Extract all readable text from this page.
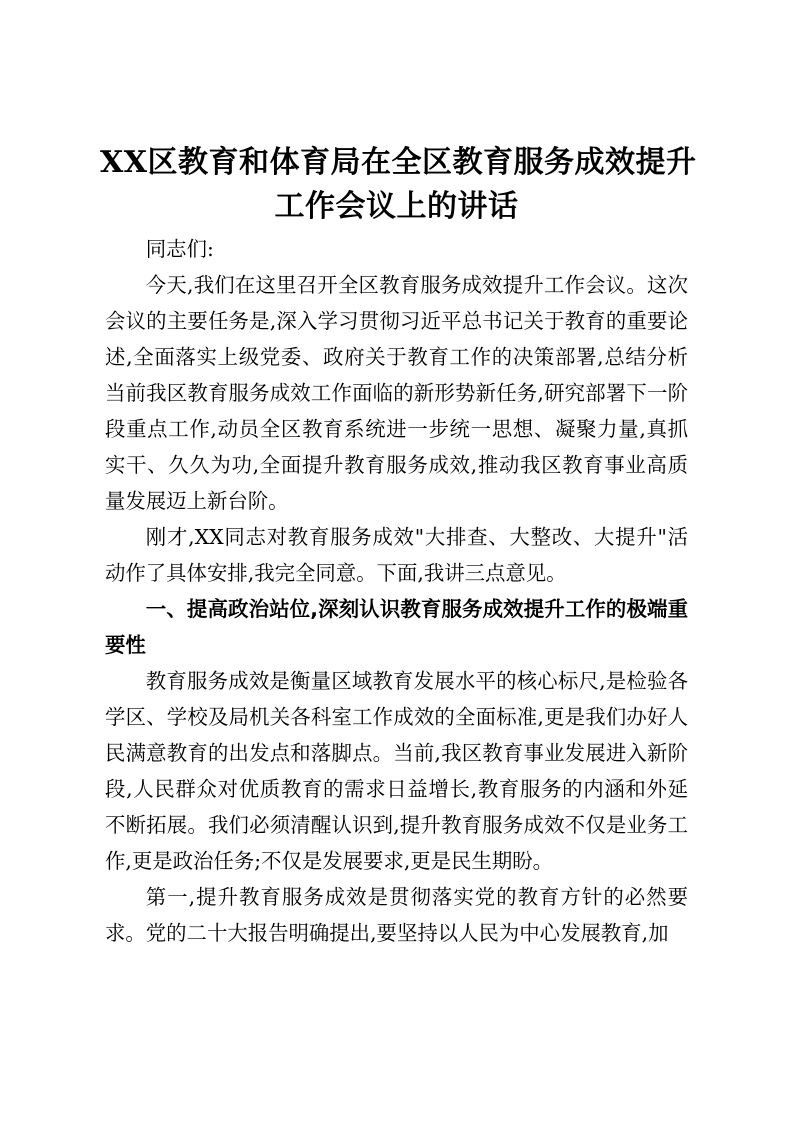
XX区教育和体育局在全区教育服务成效提升
工作会议上的讲话

同志们:

今天,我们在这里召开全区教育服务成效提升工作会议。这次会议的主要任务是,深入学习贯彻习近平总书记关于教育的重要论述,全面落实上级党委、政府关于教育工作的决策部署,总结分析当前我区教育服务成效工作面临的新形势新任务,研究部署下一阶段重点工作,动员全区教育系统进一步统一思想、凝聚力量,真抓实干、久久为功,全面提升教育服务成效,推动我区教育事业高质量发展迈上新台阶。

刚才,XX同志对教育服务成效"大排查、大整改、大提升"活动作了具体安排,我完全同意。下面,我讲三点意见。

一、提高政治站位,深刻认识教育服务成效提升工作的极端重要性

教育服务成效是衡量区域教育发展水平的核心标尺,是检验各学区、学校及局机关各科室工作成效的全面标准,更是我们办好人民满意教育的出发点和落脚点。当前,我区教育事业发展进入新阶段,人民群众对优质教育的需求日益增长,教育服务的内涵和外延不断拓展。我们必须清醒认识到,提升教育服务成效不仅是业务工作,更是政治任务;不仅是发展要求,更是民生期盼。

第一,提升教育服务成效是贯彻落实党的教育方针的必然要求。党的二十大报告明确提出,要坚持以人民为中心发展教育,加
